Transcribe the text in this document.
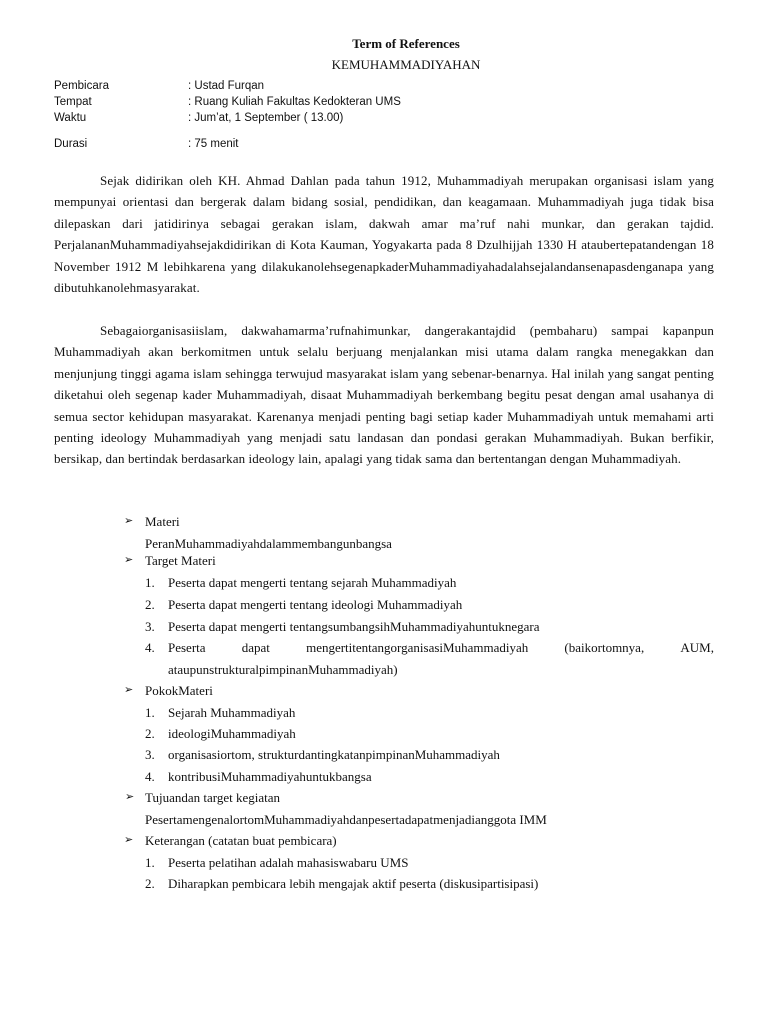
Term of References
KEMUHAMMADIYAHAN
Pembicara	: Ustad Furqan
Tempat	: Ruang Kuliah Fakultas Kedokteran UMS
Waktu	: Jum’at, 1 September ( 13.00)
Durasi	: 75 menit

Sejak didirikan oleh KH. Ahmad Dahlan pada tahun 1912, Muhammadiyah merupakan organisasi islam yang mempunyai orientasi dan bergerak dalam bidang sosial, pendidikan, dan keagamaan. Muhammadiyah juga tidak bisa dilepaskan dari jatidirinya sebagai gerakan islam, dakwah amar ma’ruf nahi munkar, dan gerakan tajdid. PerjalananMuhammadiyahsejakdidirikan di Kota Kauman, Yogyakarta pada 8 Dzulhijjah 1330 H ataubertepatandengan 18 November 1912 M lebihkarena yang dilakukanolehsegenapkaderMuhammadiyahadalahsejalandansenapasdenganapa yang dibutuhkanolehmasyarakat.

Sebagaiorganisasiislam, dakwahamarma’rufnahimunkar, dangerakantajdid (pembaharu) sampai kapanpun Muhammadiyah akan berkomitmen untuk selalu berjuang menjalankan misi utama dalam rangka menegakkan dan menjunjung tinggi agama islam sehingga terwujud masyarakat islam yang sebenar-benarnya. Hal inilah yang sangat penting diketahui oleh segenap kader Muhammadiyah, disaat Muhammadiyah berkembang begitu pesat dengan amal usahanya di semua sector kehidupan masyarakat. Karenanya menjadi penting bagi setiap kader Muhammadiyah untuk memahami arti penting ideology Muhammadiyah yang menjadi satu landasan dan pondasi gerakan Muhammadiyah. Bukan berfikir, bersikap, dan bertindak berdasarkan ideology lain, apalagi yang tidak sama dan bertentangan dengan Muhammadiyah.

➢ Materi
PeranMuhammadiyahdalammembangunbangsa
➢ Target Materi
1. Peserta dapat mengerti tentang sejarah Muhammadiyah
2. Peserta dapat mengerti tentang ideologi Muhammadiyah
3. Peserta dapat mengerti tentangsumbangsihMuhammadiyahuntuknegara
4. Peserta	dapat	mengertitentangorganisasiMuhammadiyah	(baikortomnya,	AUM,
ataupunstrukturalpimpinanMuhammadiyah)
➢ PokokMateri
1. Sejarah Muhammadiyah
2. ideologiMuhammadiyah
3. organisasiortom, strukturdantingkatanpimpinanMuhammadiyah
4. kontribusiMuhammadiyahuntukbangsa
➢ Tujuandan target kegiatan
PesertamengenalortomMuhammadiyahdanpesertadapatmenjadianggota IMM
➢ Keterangan (catatan buat pembicara)
1. Peserta pelatihan adalah mahasiswabaru UMS
2. Diharapkan pembicara lebih mengajak aktif peserta (diskusipartisipasi)
